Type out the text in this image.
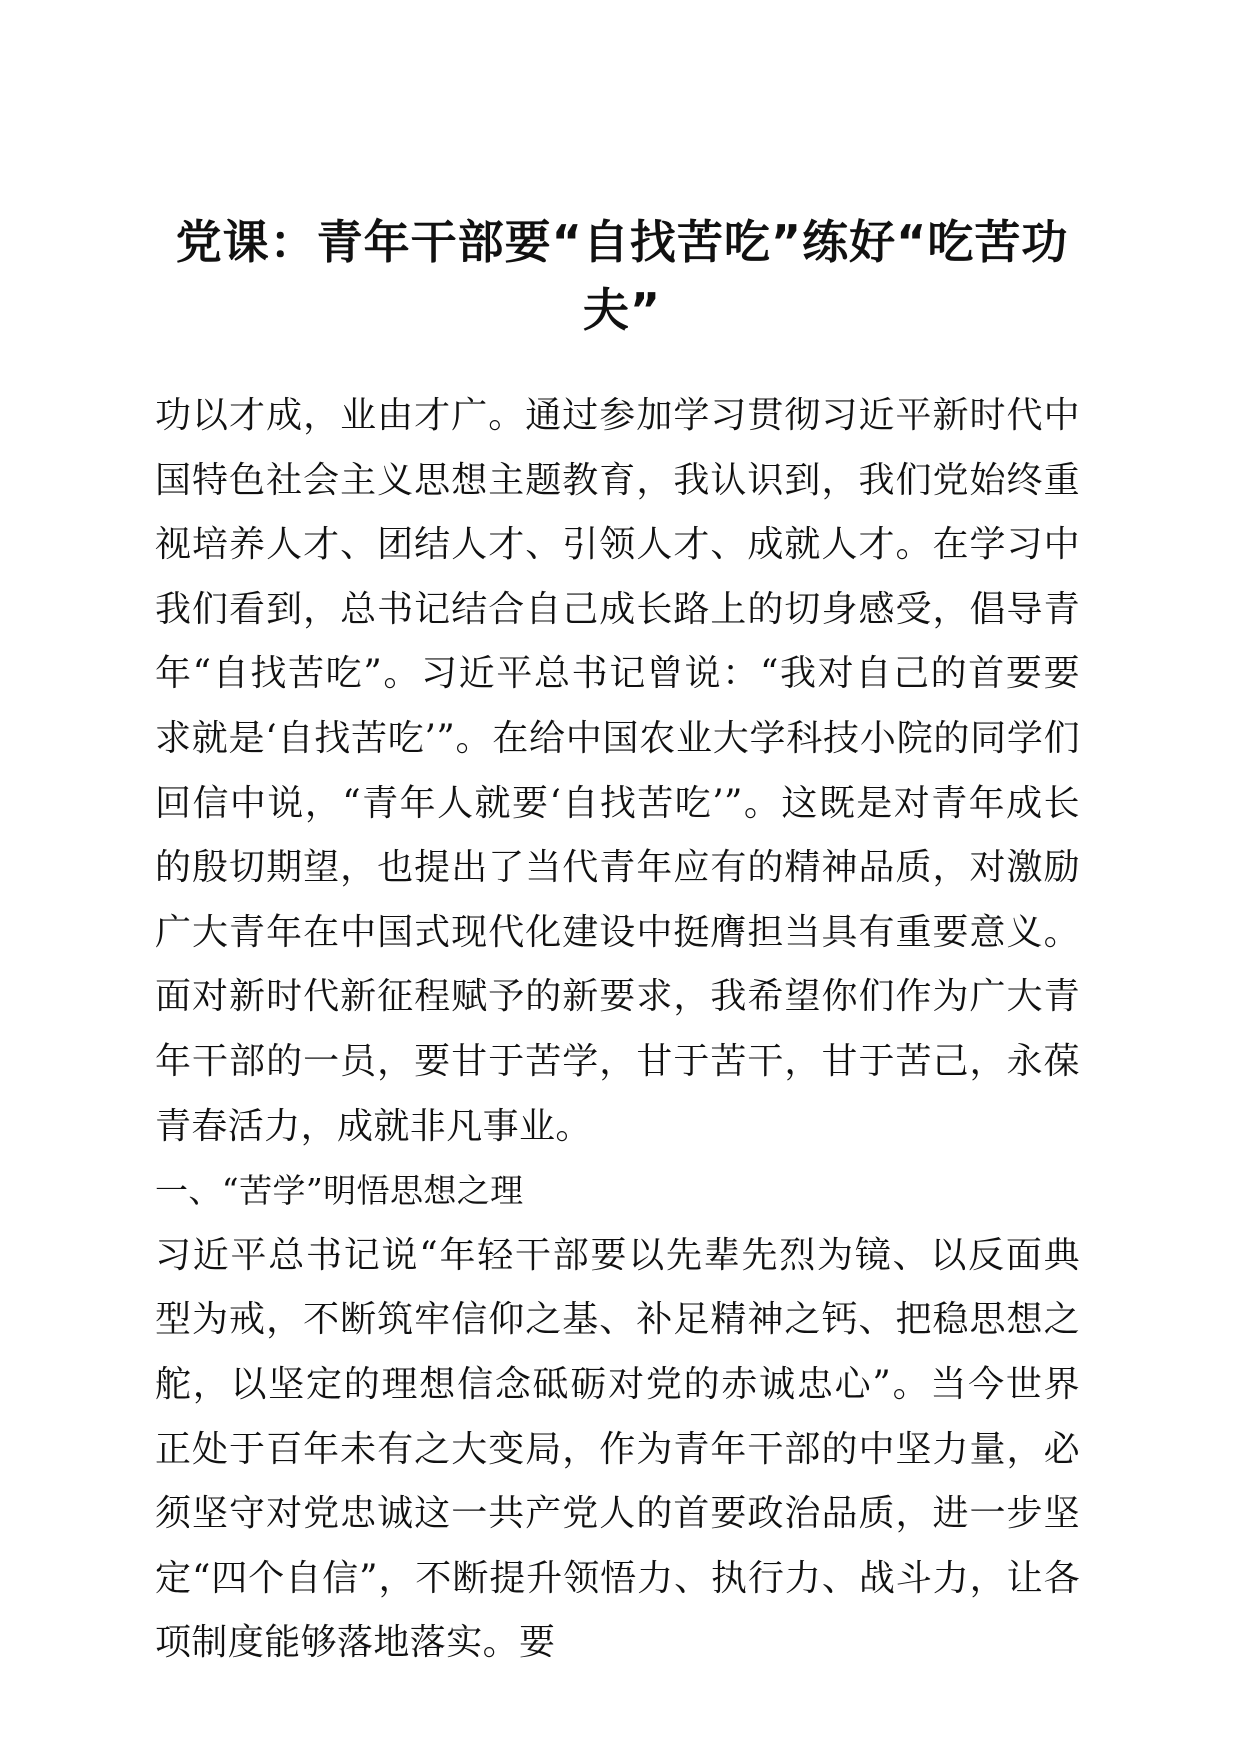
党课：青年干部要“自找苦吃”练好“吃苦功夫”

功以才成，业由才广。通过参加学习贯彻习近平新时代中国特色社会主义思想主题教育，我认识到，我们党始终重视培养人才、团结人才、引领人才、成就人才。在学习中我们看到，总书记结合自己成长路上的切身感受，倡导青年“自找苦吃”。习近平总书记曾说：“我对自己的首要要求就是‘自找苦吃’”。在给中国农业大学科技小院的同学们回信中说，“青年人就要‘自找苦吃’”。这既是对青年成长的殷切期望，也提出了当代青年应有的精神品质，对激励广大青年在中国式现代化建设中挺膺担当具有重要意义。面对新时代新征程赋予的新要求，我希望你们作为广大青年干部的一员，要甘于苦学，甘于苦干，甘于苦己，永葆青春活力，成就非凡事业。

一、“苦学”明悟思想之理

习近平总书记说“年轻干部要以先辈先烈为镜、以反面典型为戒，不断筑牢信仰之基、补足精神之钙、把稳思想之舵，以坚定的理想信念砥砺对党的赤诚忠心”。当今世界正处于百年未有之大变局，作为青年干部的中坚力量，必须坚守对党忠诚这一共产党人的首要政治品质，进一步坚定“四个自信”，不断提升领悟力、执行力、战斗力，让各项制度能够落地落实。要
